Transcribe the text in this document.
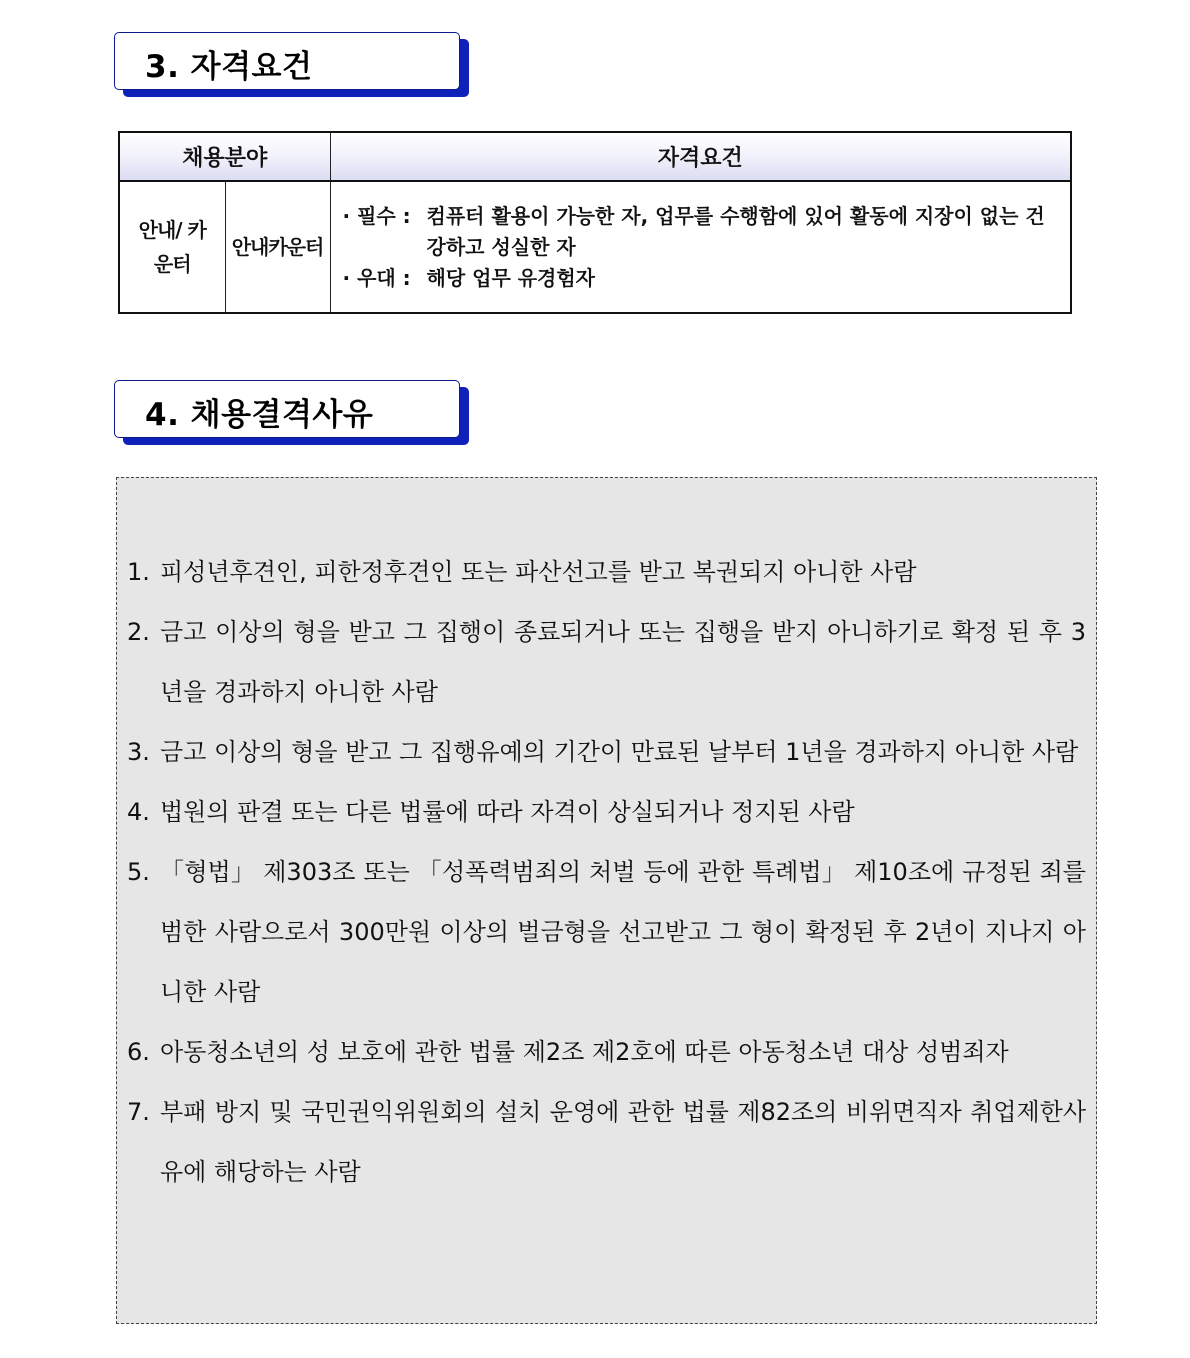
3. 자격요건
채용분야		자격요건
안내/ 카운터	안내카운터	· 필수 : 컴퓨터 활용이 가능한 자, 업무를 수행함에 있어 활동에 지장이 없는 건강하고 성실한 자
· 우대 : 해당 업무 유경험자
4. 채용결격사유
1. 피성년후견인, 피한정후견인 또는 파산선고를 받고 복권되지 아니한 사람
2. 금고 이상의 형을 받고 그 집행이 종료되거나 또는 집행을 받지 아니하기로 확정 된 후 3년을 경과하지 아니한 사람
3. 금고 이상의 형을 받고 그 집행유예의 기간이 만료된 날부터 1년을 경과하지 아니한 사람
4. 법원의 판결 또는 다른 법률에 따라 자격이 상실되거나 정지된 사람
5. 「형법」 제303조 또는 「성폭력범죄의 처벌 등에 관한 특례법」 제10조에 규정된 죄를 범한 사람으로서 300만원 이상의 벌금형을 선고받고 그 형이 확정된 후 2년이 지나지 아니한 사람
6. 아동청소년의 성 보호에 관한 법률 제2조 제2호에 따른 아동청소년 대상 성범죄자
7. 부패 방지 및 국민권익위원회의 설치 운영에 관한 법률 제82조의 비위면직자 취업제한사유에 해당하는 사람
